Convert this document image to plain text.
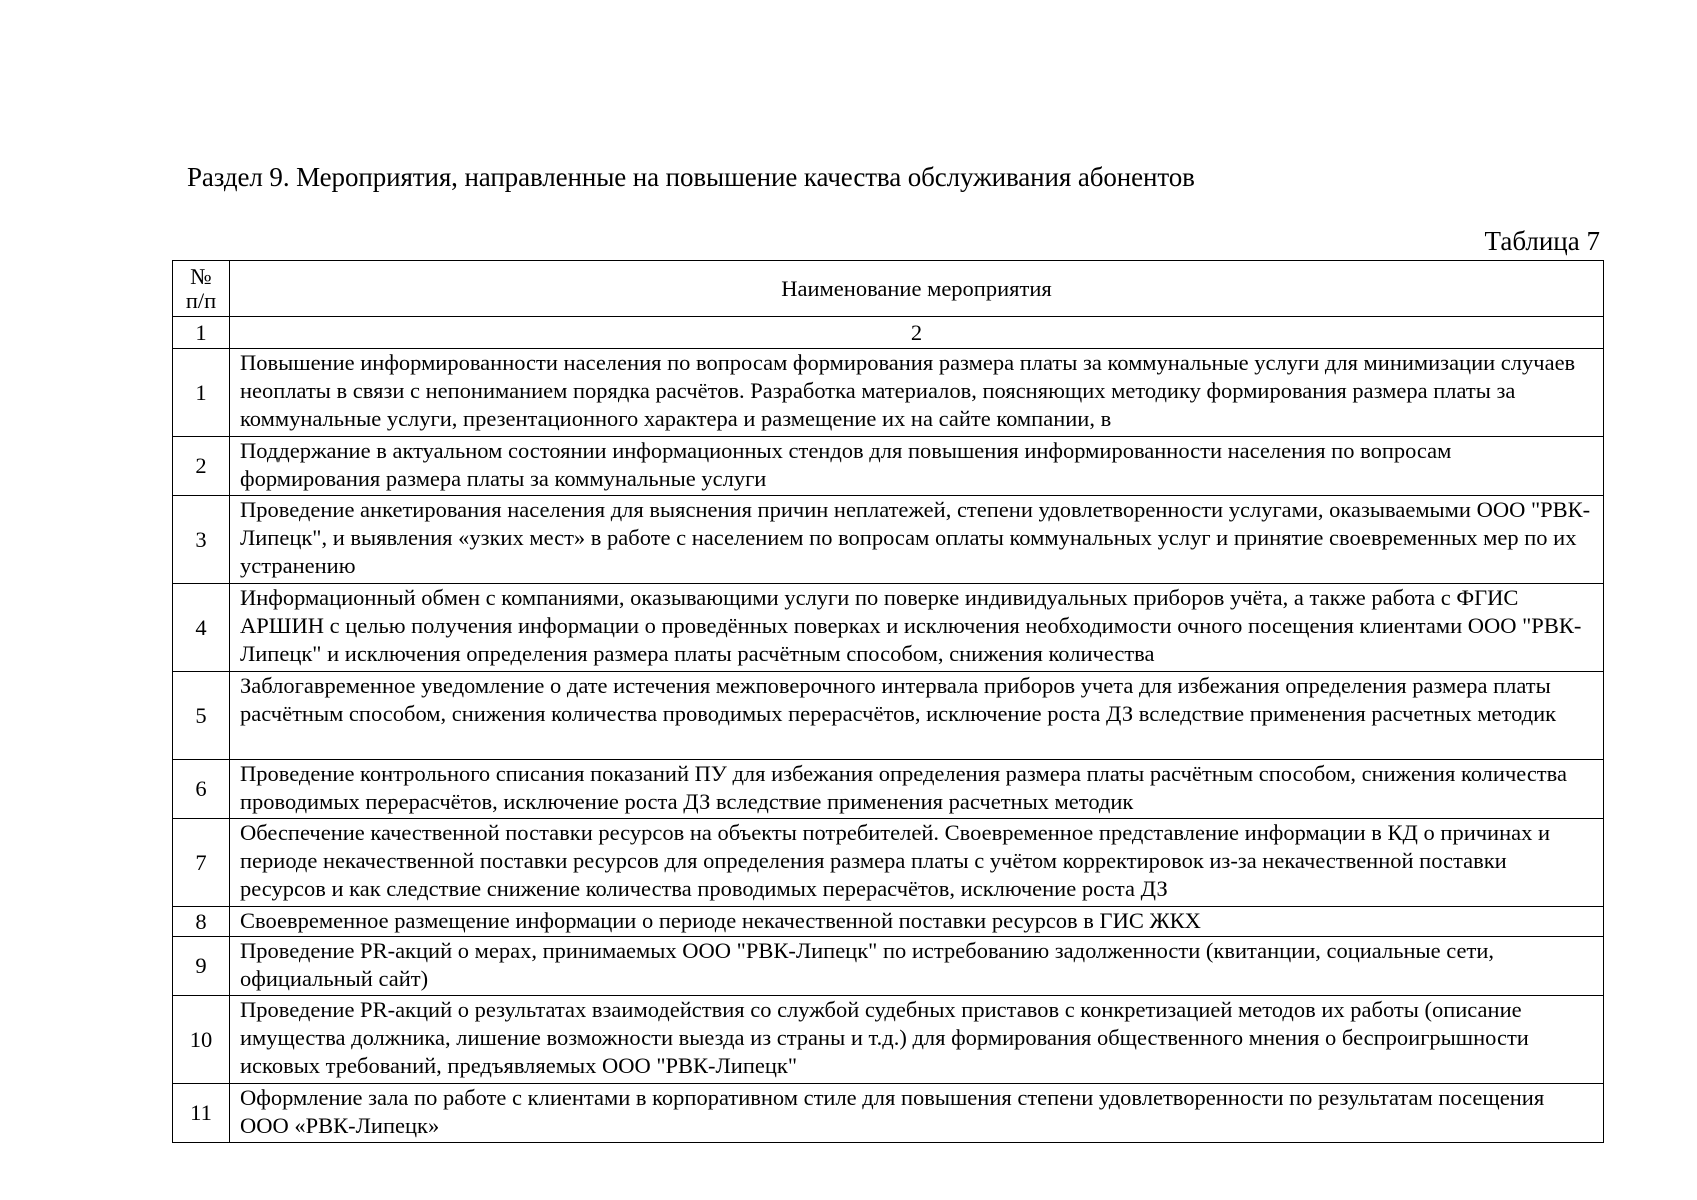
Раздел 9. Мероприятия, направленные на повышение качества обслуживания абонентов
Таблица 7
№
п/п	Наименование мероприятия
1	2
1	Повышение информированности населения по вопросам формирования размера платы за коммунальные услуги для минимизации случаев неоплаты в связи с непониманием порядка расчётов. Разработка материалов, поясняющих методику формирования размера платы за коммунальные услуги, презентационного характера и размещение их на сайте компании, в

2	Поддержание в актуальном состоянии информационных стендов для повышения информированности населения по вопросам формирования размера платы за коммунальные услуги

3	Проведение анкетирования населения для выяснения причин неплатежей, степени удовлетворенности услугами, оказываемыми ООО "РВК-Липецк", и выявления «узких мест» в работе с населением по вопросам оплаты коммунальных услуг и принятие своевременных мер по их устранению

4	Информационный обмен с компаниями, оказывающими услуги по поверке индивидуальных приборов учёта, а также работа с ФГИС АРШИН с целью получения информации о проведённых поверках и исключения необходимости очного посещения клиентами ООО "РВК-Липецк" и исключения определения размера платы расчётным способом, снижения количества

5	Заблогавременное уведомление о дате истечения межповерочного интервала приборов учета для избежания определения размера платы расчётным способом, снижения количества проводимых перерасчётов, исключение роста ДЗ вследствие применения расчетных методик

6	Проведение контрольного списания показаний ПУ для избежания определения размера платы расчётным способом, снижения количества проводимых перерасчётов, исключение роста ДЗ вследствие применения расчетных методик

7	Обеспечение качественной поставки ресурсов на объекты потребителей. Своевременное представление информации в КД о причинах и периоде некачественной поставки ресурсов для определения размера платы с учётом корректировок из-за некачественной поставки ресурсов и как следствие снижение количества проводимых перерасчётов, исключение роста ДЗ

8	Своевременное размещение информации о периоде некачественной поставки ресурсов в ГИС ЖКХ

9	Проведение PR-акций о мерах, принимаемых ООО "РВК-Липецк" по истребованию задолженности (квитанции, социальные сети, официальный сайт)

10	Проведение PR-акций о результатах взаимодействия со службой судебных приставов с конкретизацией методов их работы (описание имущества должника, лишение возможности выезда из страны и т.д.) для формирования общественного мнения о беспроигрышности исковых требований, предъявляемых ООО "РВК-Липецк"

11	Оформление зала по работе с клиентами в корпоративном стиле для повышения степени удовлетворенности по результатам посещения ООО «РВК-Липецк»
